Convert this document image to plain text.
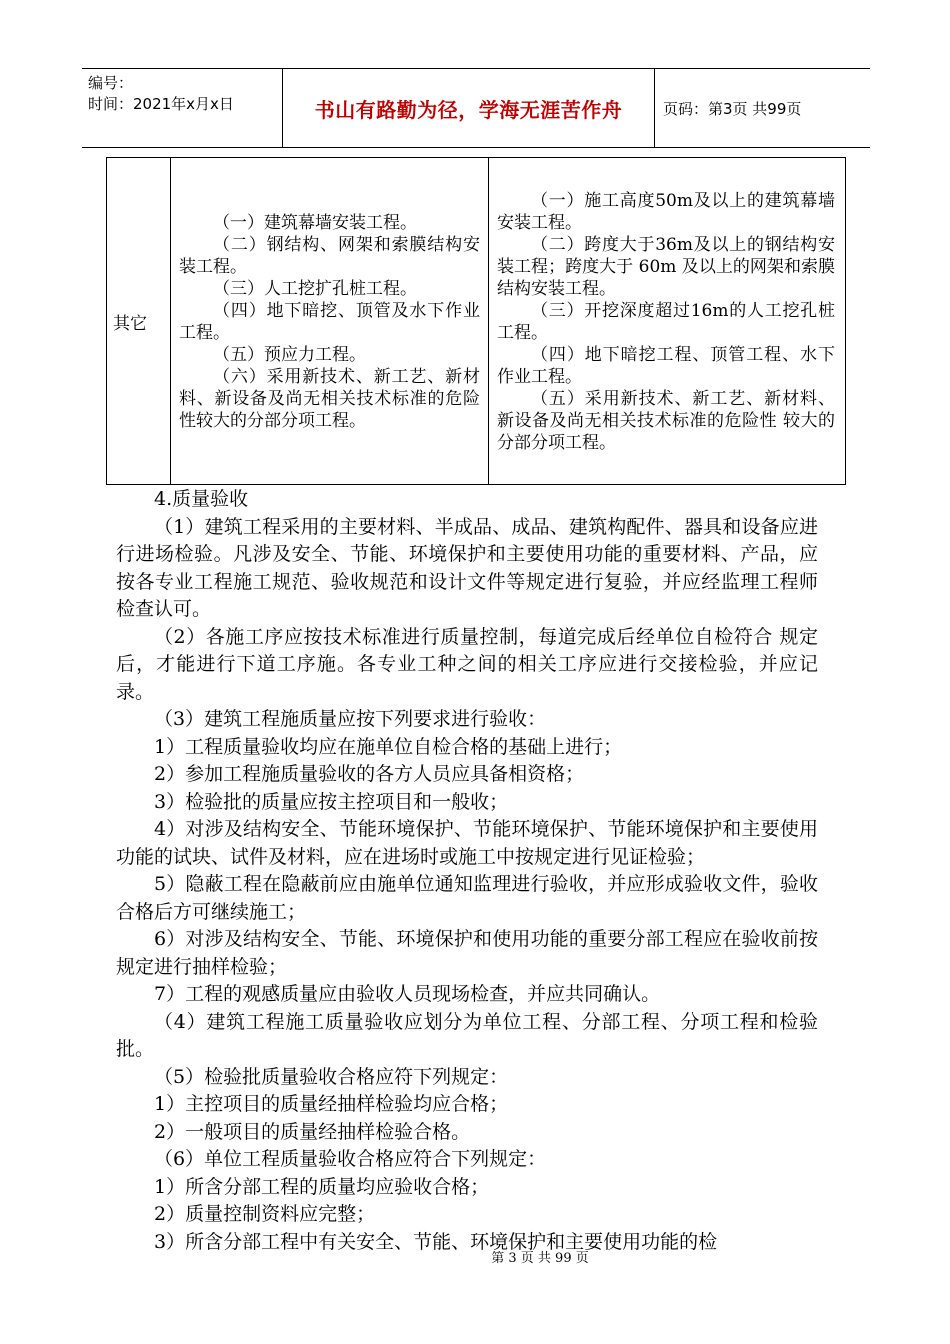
编号：
时间：2021年x月x日	书山有路勤为径，学海无涯苦作舟	页码：第3页 共99页
其它

（一）建筑幕墙安装工程。

（二）钢结构、网架和索膜结构安装工程。

（三）人工挖扩孔桩工程。

（四）地下暗挖、顶管及水下作业工程。

（五）预应力工程。

（六）采用新技术、新工艺、新材料、新设备及尚无相关技术标准的危险性较大的分部分项工程。

（一）施工高度50m及以上的建筑幕墙安装工程。

（二）跨度大于36m及以上的钢结构安装工程；跨度大于 60m 及以上的网架和索膜结构安装工程。

（三）开挖深度超过16m的人工挖孔桩工程。

（四）地下暗挖工程、顶管工程、水下作业工程。

（五）采用新技术、新工艺、新材料、新设备及尚无相关技术标准的危险性 较大的分部分项工程。

4.质量验收

（1）建筑工程采用的主要材料、半成品、成品、建筑构配件、器具和设备应进行进场检验。凡涉及安全、节能、环境保护和主要使用功能的重要材料、产品，应按各专业工程施工规范、验收规范和设计文件等规定进行复验，并应经监理工程师检查认可。

（2）各施工序应按技术标准进行质量控制，每道完成后经单位自检符合 规定后，才能进行下道工序施。各专业工种之间的相关工序应进行交接检验，并应记录。

（3）建筑工程施质量应按下列要求进行验收：

1）工程质量验收均应在施单位自检合格的基础上进行；

2）参加工程施质量验收的各方人员应具备相资格；

3）检验批的质量应按主控项目和一般收；

4）对涉及结构安全、节能环境保护、节能环境保护、节能环境保护和主要使用功能的试块、试件及材料，应在进场时或施工中按规定进行见证检验；

5）隐蔽工程在隐蔽前应由施单位通知监理进行验收，并应形成验收文件，验收合格后方可继续施工；

6）对涉及结构安全、节能、环境保护和使用功能的重要分部工程应在验收前按规定进行抽样检验；

7）工程的观感质量应由验收人员现场检查，并应共同确认。

（4）建筑工程施工质量验收应划分为单位工程、分部工程、分项工程和检验批。

（5）检验批质量验收合格应符下列规定：

1）主控项目的质量经抽样检验均应合格；

2）一般项目的质量经抽样检验合格。

（6）单位工程质量验收合格应符合下列规定：

1）所含分部工程的质量均应验收合格；

2）质量控制资料应完整；

3）所含分部工程中有关安全、节能、环境保护和主要使用功能的检

第 3 页 共 99 页
